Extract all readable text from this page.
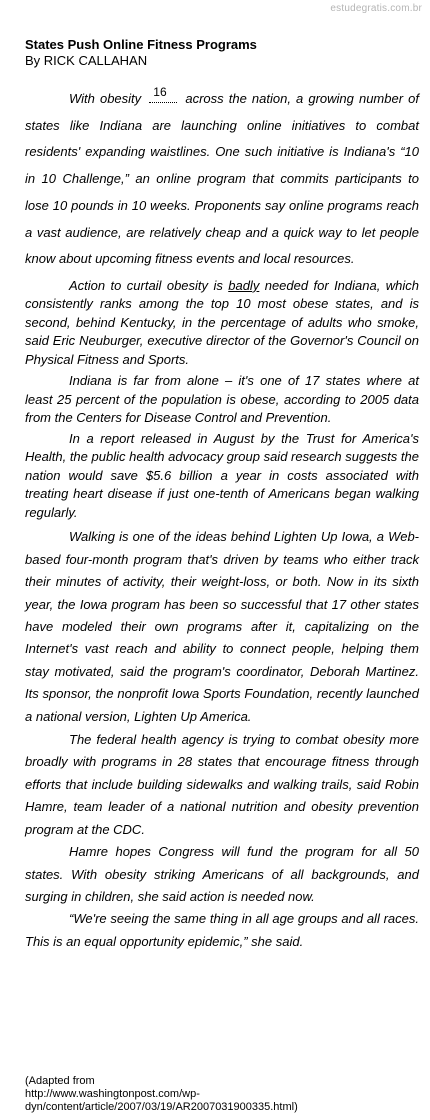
estudegratis.com.br
States Push Online Fitness Programs
By RICK CALLAHAN

With obesity 16 across the nation, a growing number of states like Indiana are launching online initiatives to combat residents' expanding waistlines. One such initiative is Indiana's “10 in 10 Challenge,” an online program that commits participants to lose 10 pounds in 10 weeks. Proponents say online programs reach a vast audience, are relatively cheap and a quick way to let people know about upcoming fitness events and local resources.

Action to curtail obesity is badly needed for Indiana, which consistently ranks among the top 10 most obese states, and is second, behind Kentucky, in the percentage of adults who smoke, said Eric Neuburger, executive director of the Governor's Council on Physical Fitness and Sports.

Indiana is far from alone – it's one of 17 states where at least 25 percent of the population is obese, according to 2005 data from the Centers for Disease Control and Prevention.

In a report released in August by the Trust for America's Health, the public health advocacy group said research suggests the nation would save $5.6 billion a year in costs associated with treating heart disease if just one-tenth of Americans began walking regularly.

Walking is one of the ideas behind Lighten Up Iowa, a Web-based four-month program that's driven by teams who either track their minutes of activity, their weight-loss, or both. Now in its sixth year, the Iowa program has been so successful that 17 other states have modeled their own programs after it, capitalizing on the Internet's vast reach and ability to connect people, helping them stay motivated, said the program's coordinator, Deborah Martinez. Its sponsor, the nonprofit Iowa Sports Foundation, recently launched a national version, Lighten Up America.

The federal health agency is trying to combat obesity more broadly with programs in 28 states that encourage fitness through efforts that include building sidewalks and walking trails, said Robin Hamre, team leader of a national nutrition and obesity prevention program at the CDC.

Hamre hopes Congress will fund the program for all 50 states. With obesity striking Americans of all backgrounds, and surging in children, she said action is needed now.

“We're seeing the same thing in all age groups and all races. This is an equal opportunity epidemic,” she said.

(Adapted from
http://www.washingtonpost.com/wp-
dyn/content/article/2007/03/19/AR2007031900335.html)
